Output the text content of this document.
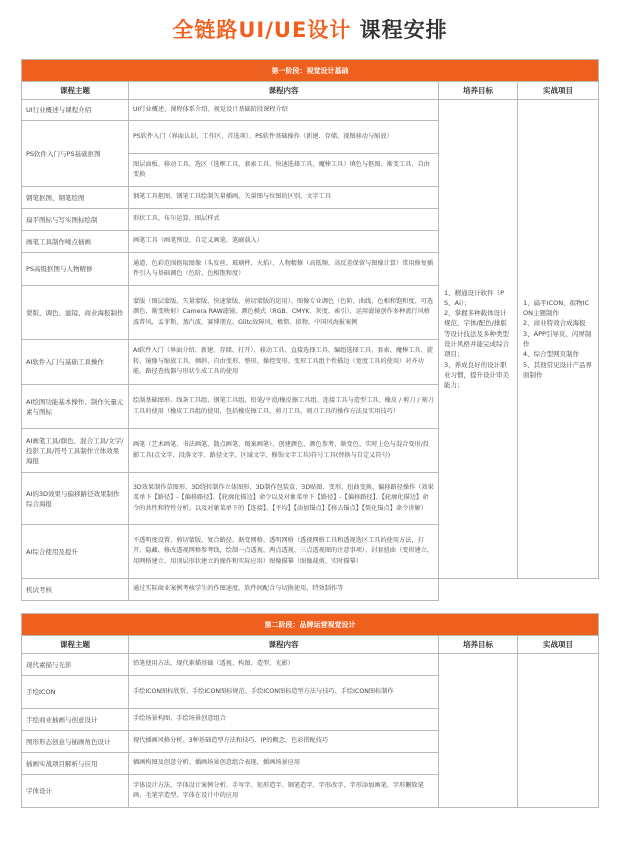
全链路UI/UE设计 课程安排
第一阶段：视觉设计基础			
课程主题	课程内容	培养目标	实战项目
UI行业概述与课程介绍	UI行业概述、课程体系介绍、视觉设计基础阶段课程介绍	1、精通设计软件（PS、Ai）；
2、掌握多种载体设计规范、字体/配色/排版等设计技法及多种类型设计风格并能完成综合项目；
3、养成良好的设计职业习惯，提升设计审美能力；	1、扁平ICON、拟物ICON主题制作
2、商业特效合成海报
3、APP引导页、闪屏制作
4、综合型网页制作
5、其他常见设计产品界面制作

PS软件入门与PS基础抠图	PS软件入门（界面认识、工作区、首选项）、PS软件基础操作（新建、存储、视图移动与缩放）		
	图层面板、移动工具、选区（选框工具、套索工具、快速选择工具、魔棒工具）填色与抠图、渐变工具、自由变换		
钢笔抠图、钢笔绘图	钢笔工具抠图、钢笔工具绘制矢量插画、矢量图与位图的区别、文字工具		
扁平图标与写实图标绘制	形状工具、布尔运算、图层样式		
画笔工具制作噪点插画	画笔工具（画笔预设、自定义画笔、笔刷载入）		
PS高级抠图与人物精修	通道、色彩范围抠取图像（头发丝、玻璃杯、火焰）、人物精修（高低频、高反差保留与图像计算）常用修复插件引入与基础调色（色阶、色相饱和度）		
蒙版、调色、滤镜、商业海报制作	蒙版（图层蒙版、矢量蒙版、快速蒙版、剪切蒙版的运用）、图像专业调色（色阶、曲线、色相和饱和度、可选颜色、渐变映射）Camera RAW滤镜、颜色模式（RGB、CMYK、灰度、索引）、运用滤镜创作多种流行风格波普风、孟菲斯、蒸汽波、赛博朋克、Glitc故障风、极简、拟物、中国风海报案例		
AI软件入门与基础工具操作	AI软件入门（界面介绍、新建、存储、打开）、移动工具、直接选择工具、编组选择工具、套索、魔棒工具、旋转、镜像与缩放工具、倾斜、自由变形、整形、操控变形、变形工具组个性描边（宽度工具的使用）对齐功能、路径查找器与形状生成工具的使用		
AI绘图功能基本操作、制作矢量元素与图标	绘制基础图形、线条工具组、钢笔工具组、铅笔/平滑/橡皮擦工具组、连接工具与造型工具、橡皮 / 剪刀 / 刻刀工具的使用（橡皮工具组的使用，包括橡皮擦工具、剪刀工具、刻刀工具的操作方法及实用技巧）		
AI画笔工具/颜色、混合工具/文字/投影工具/符号工具制作立体效果海报	画笔（艺术画笔、书法画笔、散点画笔、图案画笔）、创建颜色、颜色参考、渐变色、实时上色与混合变形/投影工具(点文字、段落文字、路径文字、区域文字、修饰文字工具)符号工具(替换与自定义符号)		
AI的3D效果与偏移路径效果制作综合海报	3D效果制作草图形、3D绕转制作立体图形、3D制作包装盒、3D贴图、变形、扭曲变换、偏移路径操作（效果菜单下【路径】-【偏移路径】、【轮廓化描边】命令以及对象菜单下【路径】-【偏移路径】、【轮廓化描边】命令的共性和特性分析。以及对象菜单下的【连接】、【平均】【添加锚点】【移去锚点】【简化锚点】命令讲解）		
AI综合使用及提升	不透明度设置、剪切蒙版、复合路径、渐变网格、透明网格（透视网格工具和透视选区工具的使用方法，打开、隐藏、修改透视网格参考线，绘制一点透视、两点透视、三点透视图的注意事项）、封套扭曲（变形建立、用网格建立、用顶层形状建立的操作和实际应用）图像描摹（图像裁剪、实时描摹）		
机试考核	通过实际商业案例考核学生的作图速度、软件间配合与切换使用、特效制作等		
第二阶段：品牌运营视觉设计			
课程主题	课程内容	培养目标	实战项目
现代素描与光影	铅笔使用方法、现代素描基础（透视、构图、造型、光影）		
手绘ICON	手绘ICON图标欣赏、手绘ICON图标规范、手绘ICON图标造型方法与技巧、手绘ICON图标制作		
手绘商业插画与创意设计	手绘场景构图、手绘场景创意组合		
图形形态创意与插画角色设计	现代插画风格分析、3种基础造型方法和技巧、IP的概念、色彩搭配技巧		
插画实战项目解析与应用	插画构图及创意分析、插画场景创意组合表现、插画场景应用		
字体设计	字体设计方法、字体设计案例分析、手写字、矩形造字、钢笔造字、字形改字、字形添加画笔、字形删除笔画、毛笔字造型、字体在设计中的应用		
